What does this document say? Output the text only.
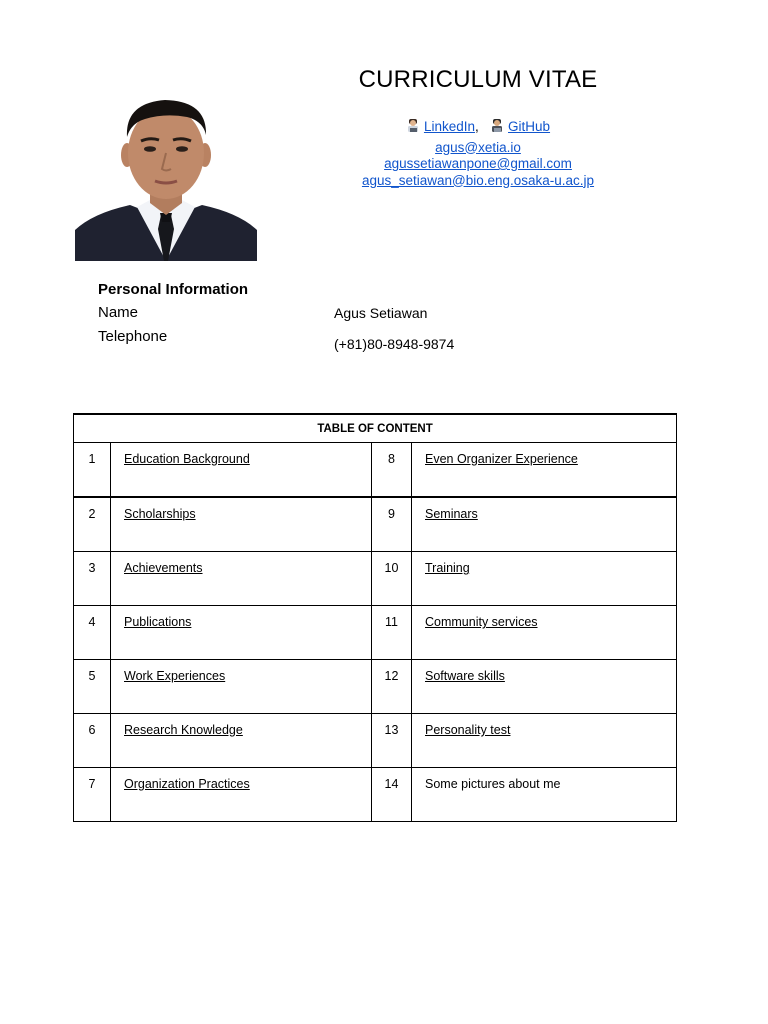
CURRICULUM VITAE
LinkedIn, GitHub
agus@xetia.io
agussetiawanpone@gmail.com
agus_setiawan@bio.eng.osaka-u.ac.jp
Personal Information
Name	Agus Setiawan
Telephone	(+81)80-8948-9874
TABLE OF CONTENT			
1	Education Background	8	Even Organizer Experience
2	Scholarships	9	Seminars
3	Achievements	10	Training
4	Publications	11	Community services
5	Work Experiences	12	Software skills
6	Research Knowledge	13	Personality test
7	Organization Practices	14	Some pictures about me
